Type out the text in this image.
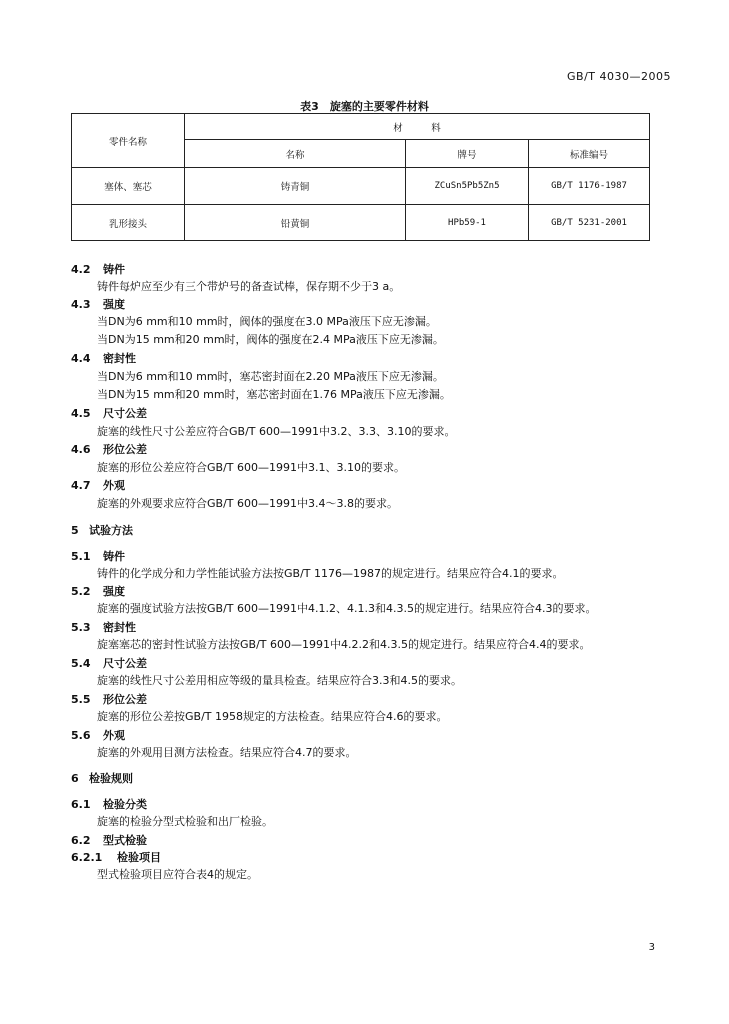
GB/T 4030—2005
表3　旋塞的主要零件材料
零件名称	材　　　料		
	名称	牌号	标准编号
塞体、塞芯	铸青铜	ZCuSn5Pb5Zn5	GB/T 1176-1987
乳形接头	铅黄铜	HPb59-1	GB/T 5231-2001
4.2 铸件
铸件每炉应至少有三个带炉号的备查试棒，保存期不少于3 a。
4.3 强度
当DN为6 mm和10 mm时，阀体的强度在3.0 MPa液压下应无渗漏。
当DN为15 mm和20 mm时，阀体的强度在2.4 MPa液压下应无渗漏。
4.4 密封性
当DN为6 mm和10 mm时，塞芯密封面在2.20 MPa液压下应无渗漏。
当DN为15 mm和20 mm时，塞芯密封面在1.76 MPa液压下应无渗漏。
4.5 尺寸公差
旋塞的线性尺寸公差应符合GB/T 600—1991中3.2、3.3、3.10的要求。
4.6 形位公差
旋塞的形位公差应符合GB/T 600—1991中3.1、3.10的要求。
4.7 外观
旋塞的外观要求应符合GB/T 600—1991中3.4～3.8的要求。
5 试验方法
5.1 铸件
铸件的化学成分和力学性能试验方法按GB/T 1176—1987的规定进行。结果应符合4.1的要求。
5.2 强度
旋塞的强度试验方法按GB/T 600—1991中4.1.2、4.1.3和4.3.5的规定进行。结果应符合4.3的要求。
5.3 密封性
旋塞塞芯的密封性试验方法按GB/T 600—1991中4.2.2和4.3.5的规定进行。结果应符合4.4的要求。
5.4 尺寸公差
旋塞的线性尺寸公差用相应等级的量具检查。结果应符合3.3和4.5的要求。
5.5 形位公差
旋塞的形位公差按GB/T 1958规定的方法检查。结果应符合4.6的要求。
5.6 外观
旋塞的外观用目测方法检查。结果应符合4.7的要求。
6 检验规则
6.1 检验分类
旋塞的检验分型式检验和出厂检验。
6.2 型式检验
6.2.1 检验项目
型式检验项目应符合表4的规定。
3
